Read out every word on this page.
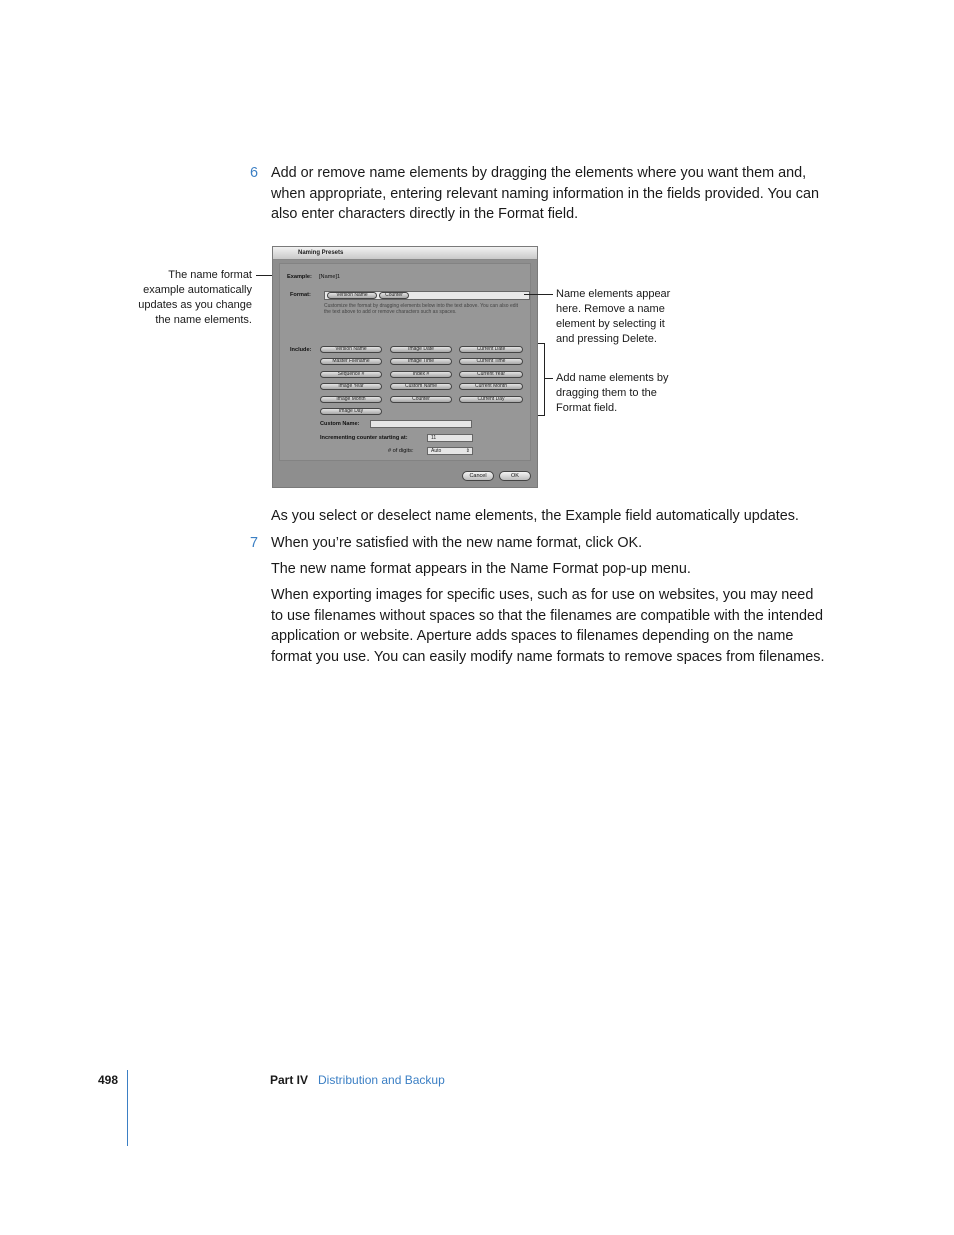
6 Add or remove name elements by dragging the elements where you want them and, when appropriate, entering relevant naming information in the fields provided. You can also enter characters directly in the Format field.
The name format example automatically updates as you change the name elements.
Naming Presets
Example: [Name]1
Format:	Version Name	Counter
Customize the format by dragging elements below into the text above. You can also edit the text above to add or remove characters such as spaces.
Include:	Version Name	Image Date	Current Date
Master Filename	Image Time	Current Time
Sequence #	Index #	Current Year
Image Year	Custom Name	Current Month
Image Month	Counter	Current Day
Image Day
Custom Name:
Incrementing counter starting at:	11
# of digits:	Auto	⇕
Cancel	OK
Name elements appear here. Remove a name element by selecting it and pressing Delete.
Add name elements by dragging them to the Format field.
As you select or deselect name elements, the Example field automatically updates.
7 When you’re satisfied with the new name format, click OK.
The new name format appears in the Name Format pop-up menu.
When exporting images for specific uses, such as for use on websites, you may need to use filenames without spaces so that the filenames are compatible with the intended application or website. Aperture adds spaces to filenames depending on the name format you use. You can easily modify name formats to remove spaces from filenames.
498	Part IV Distribution and Backup
